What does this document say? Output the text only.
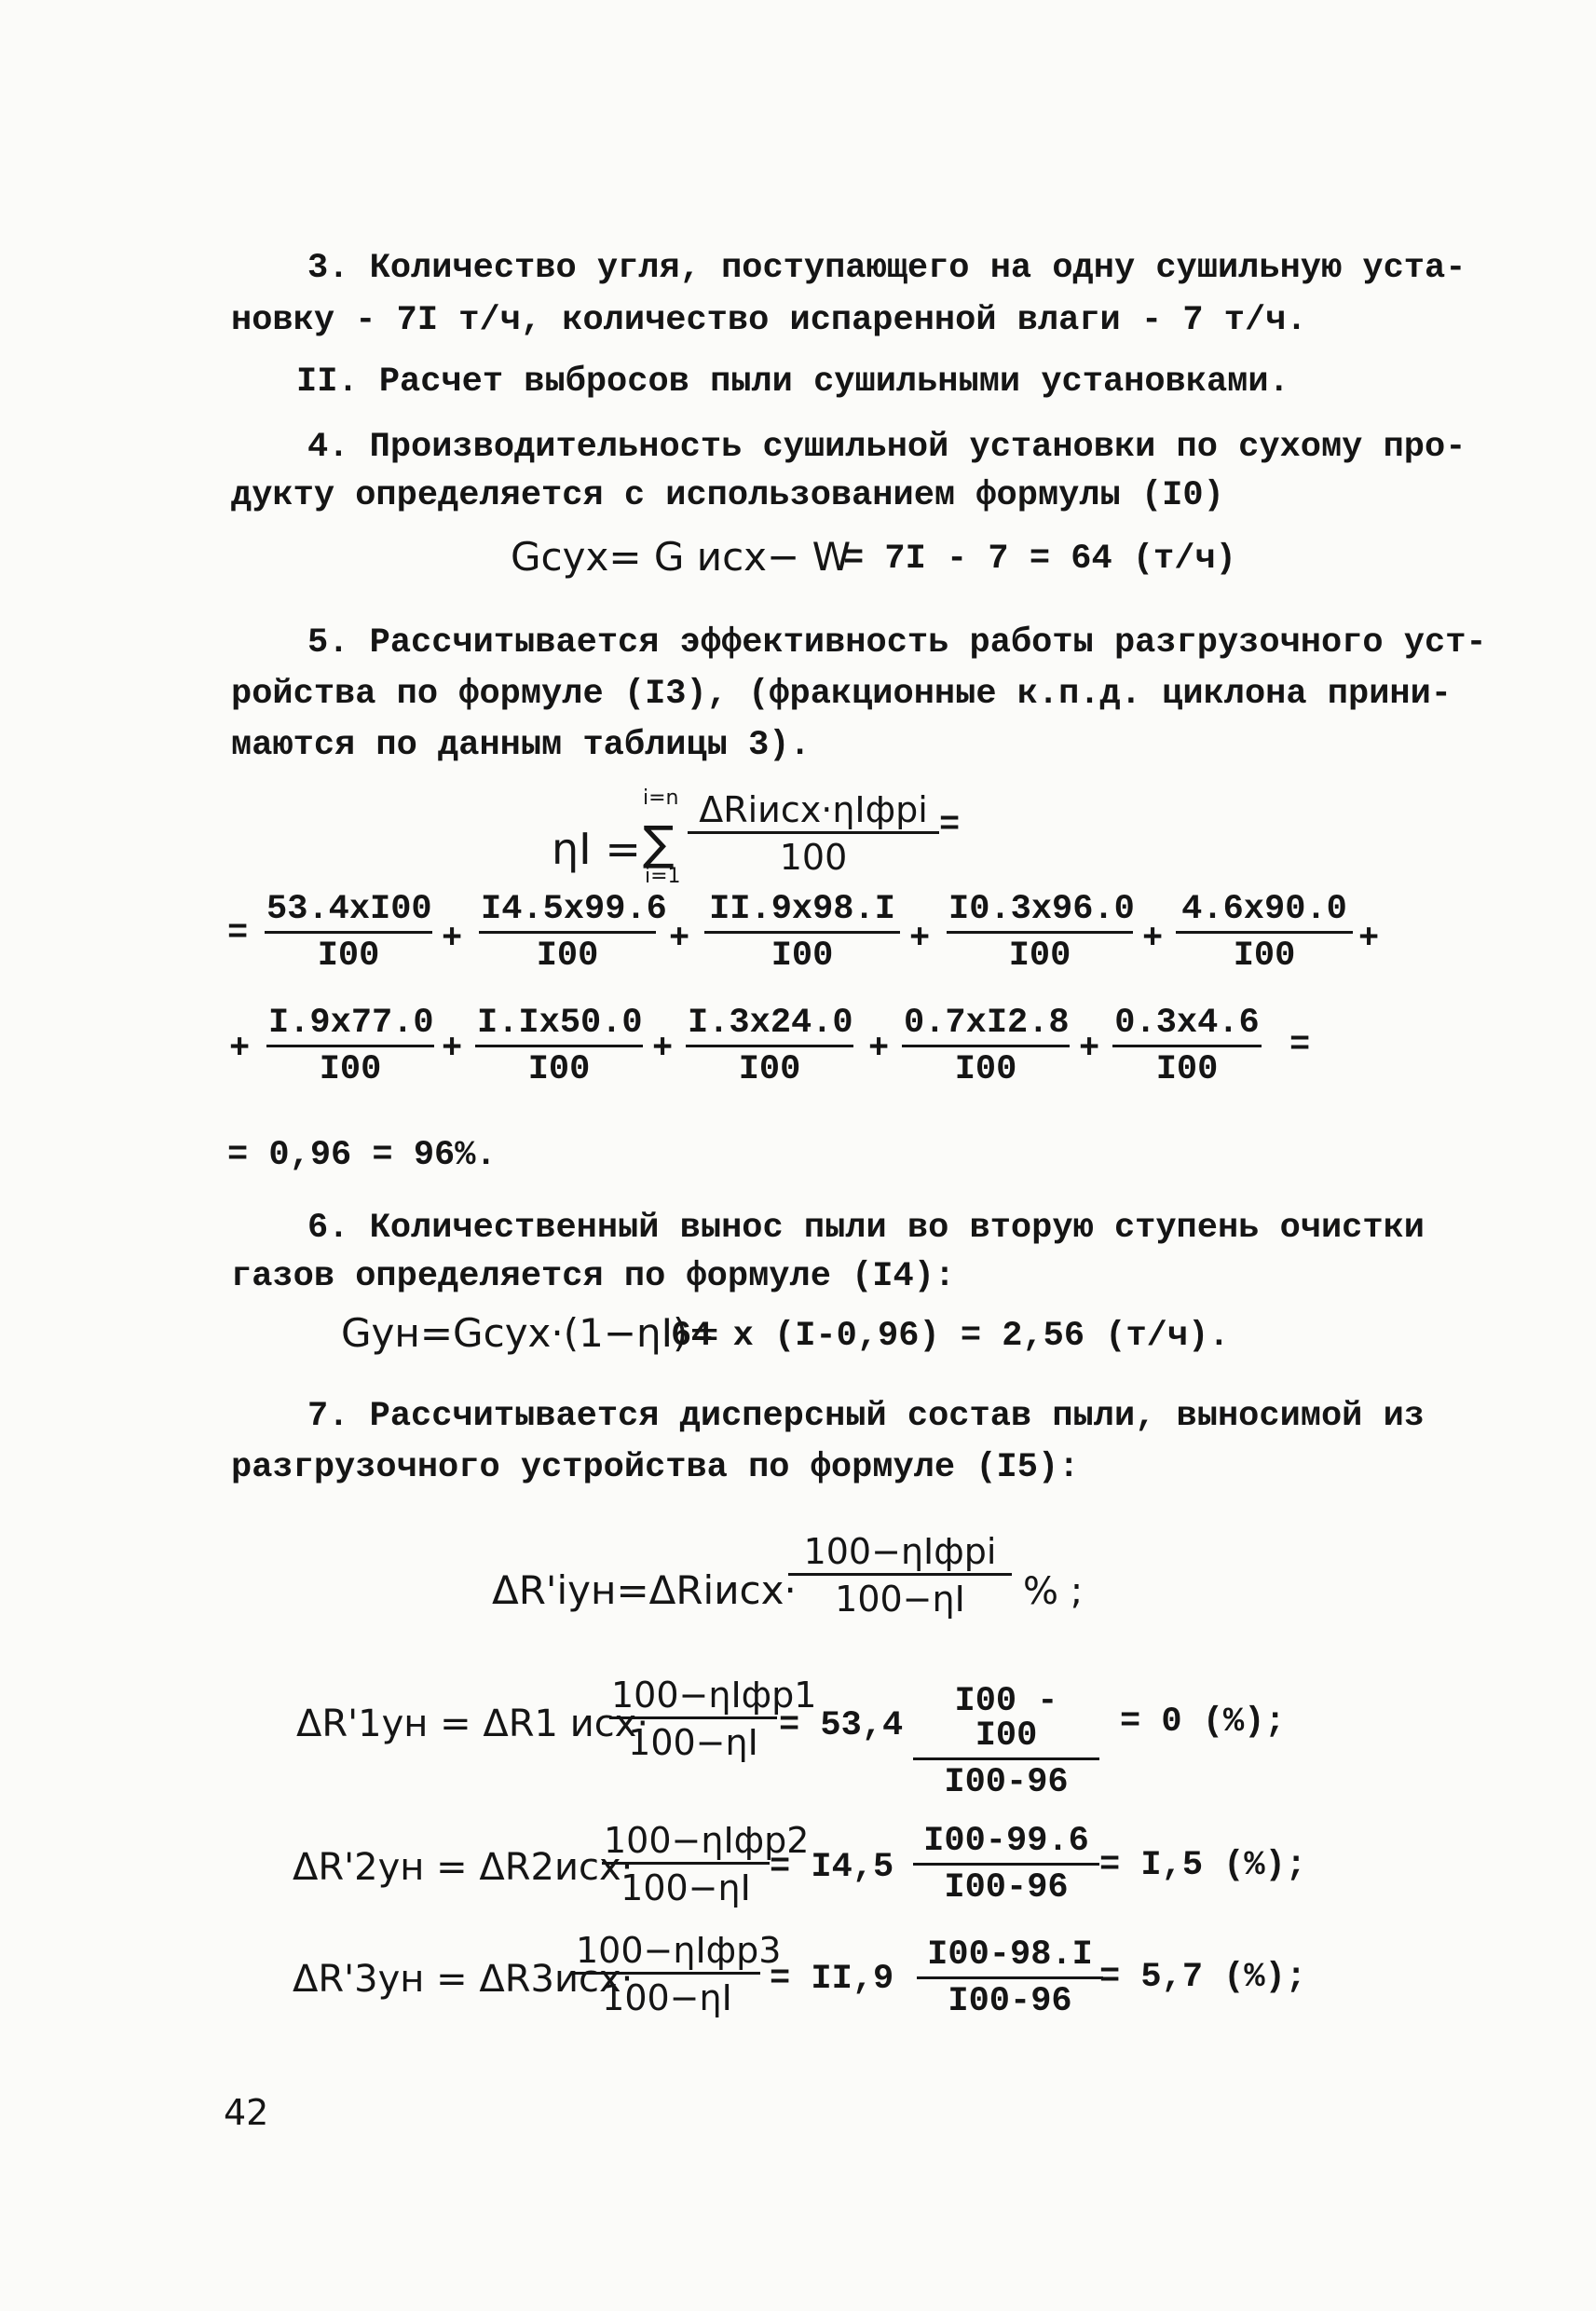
3. Количество угля, поступающего на одну сушильную уста-
новку - 7I т/ч, количество испаренной влаги - 7 т/ч.
II. Расчет выбросов пыли сушильными установками.
4. Производительность сушильной установки по сухому про-
дукту определяется с использованием формулы (I0)
Gсух= G исх− W
= 7I - 7 = 64 (т/ч)
5. Рассчитывается эффективность работы разгрузочного уст-
ройства по формуле (I3), (фракционные к.п.д. циклона прини-
маются по данным таблицы 3).
ηI =
i=n
∑
i=1
ΔRiисх·ηIфрi
100
=
= $\frac{53.4xI00}{I00} + \frac{I4.5x99.6}{I00} + \frac{II.9x98.I}{I00} + \frac{I0.3x96.0}{I00} + \frac{4.6x90.0}{I00}$ +
+ $\frac{I.9x77.0}{I00} + \frac{I.Ix50.0}{I00} + \frac{I.3x24.0}{I00} + \frac{0.7xI2.8}{I00} + \frac{0.3x4.6}{I00}$ =
= 0,96 = 96%.
6. Количественный вынос пыли во вторую ступень очистки
газов определяется по формуле (I4):
Gун=Gсух·(1−ηI)=
64 x (I-0,96) = 2,56 (т/ч).
7. Рассчитывается дисперсный состав пыли, выносимой из
разгрузочного устройства по формуле (I5):
ΔR'iун=ΔRiисх·
100−ηIфрi
100−ηI	% ;
ΔR'1ун = ΔR1 исх·
100−ηIфр1
$100-\eta I = 53,4 \frac{I00 - I00}{I00-96} = 0$ (%);
ΔR'2ун = ΔR2исх·
100−ηIфр2
$100-\eta I = I4,5 \frac{I00-99.6}{I00-96} = I,5$ (%);
ΔR'3ун = ΔR3исх·
100−ηIфр3
100−ηI	= $II,9 \frac{I00-98.I}{I00-96}$
= 5,7 (%);
42
